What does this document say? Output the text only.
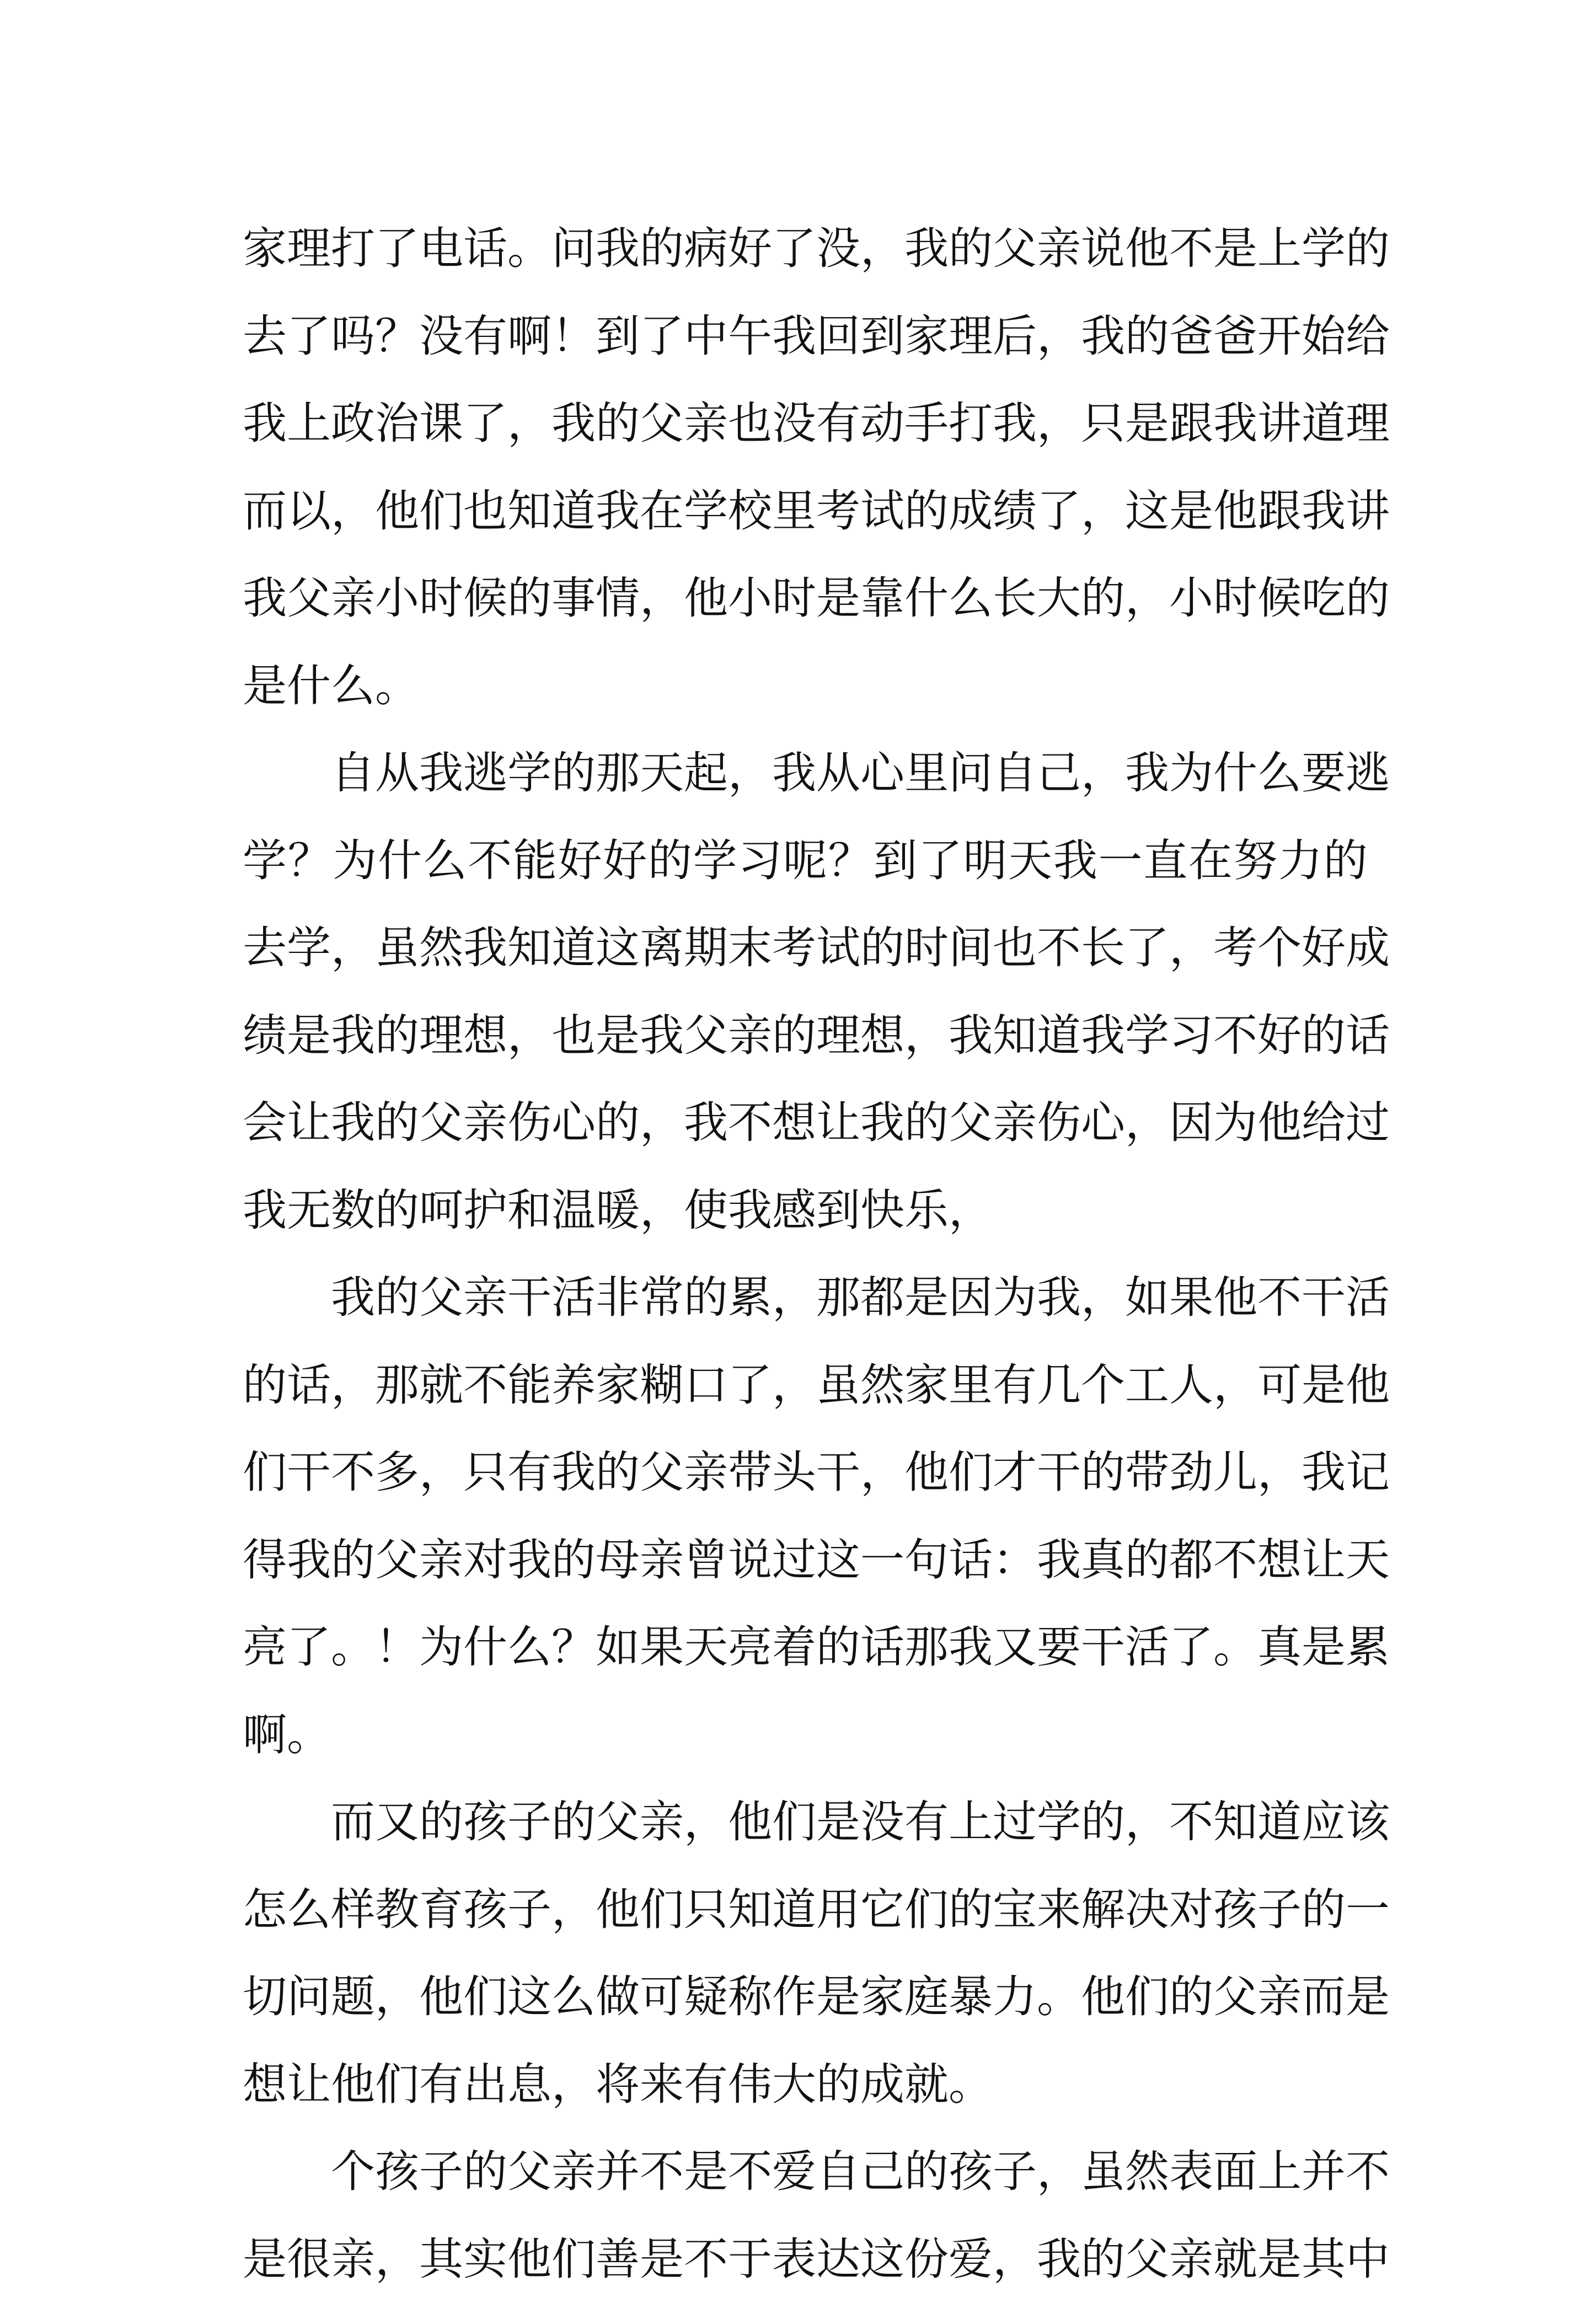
家 理 打 了 电 话 。 问 我 的 病 好 了 没 ， 我 的 父 亲 说 他 不 是 上 学 的
去 了 吗 ？ 没 有 啊 ！ 到 了 中 午 我 回 到 家 理 后 ， 我 的 爸 爸 开 始 给
我 上 政 治 课 了 ， 我 的 父 亲 也 没 有 动 手 打 我 ， 只 是 跟 我 讲 道 理
而 以 ， 他 们 也 知 道 我 在 学 校 里 考 试 的 成 绩 了 ， 这 是 他 跟 我 讲
我 父 亲 小 时 候 的 事 情 ， 他 小 时 是 靠 什 么 长 大 的 ， 小 时 候 吃 的
是 什 么 。
自 从 我 逃 学 的 那 天 起 ， 我 从 心 里 问 自 己 ， 我 为 什 么 要 逃
学 ？ 为 什 么 不 能 好 好 的 学 习 呢 ？ 到 了 明 天 我 一 直 在 努 力 的
去 学 ， 虽 然 我 知 道 这 离 期 末 考 试 的 时 间 也 不 长 了 ， 考 个 好 成
绩 是 我 的 理 想 ， 也 是 我 父 亲 的 理 想 ， 我 知 道 我 学 习 不 好 的 话
会 让 我 的 父 亲 伤 心 的 ， 我 不 想 让 我 的 父 亲 伤 心 ， 因 为 他 给 过
我 无 数 的 呵 护 和 温 暖 ， 使 我 感 到 快 乐 ，
我 的 父 亲 干 活 非 常 的 累 ， 那 都 是 因 为 我 ， 如 果 他 不 干 活
的 话 ， 那 就 不 能 养 家 糊 口 了 ， 虽 然 家 里 有 几 个 工 人 ， 可 是 他
们 干 不 多 ， 只 有 我 的 父 亲 带 头 干 ， 他 们 才 干 的 带 劲 儿 ， 我 记
得 我 的 父 亲 对 我 的 母 亲 曾 说 过 这 一 句 话 ： 我 真 的 都 不 想 让 天
亮 了 。 ！ 为 什 么 ？ 如 果 天 亮 着 的 话 那 我 又 要 干 活 了 。 真 是 累
啊 。
而 又 的 孩 子 的 父 亲 ， 他 们 是 没 有 上 过 学 的 ， 不 知 道 应 该
怎 么 样 教 育 孩 子 ， 他 们 只 知 道 用 它 们 的 宝 来 解 决 对 孩 子 的 一
切 问 题 ， 他 们 这 么 做 可 疑 称 作 是 家 庭 暴 力 。 他 们 的 父 亲 而 是
想 让 他 们 有 出 息 ， 将 来 有 伟 大 的 成 就 。
个 孩 子 的 父 亲 并 不 是 不 爱 自 己 的 孩 子 ， 虽 然 表 面 上 并 不
是 很 亲 ， 其 实 他 们 善 是 不 于 表 达 这 份 爱 ， 我 的 父 亲 就 是 其 中
